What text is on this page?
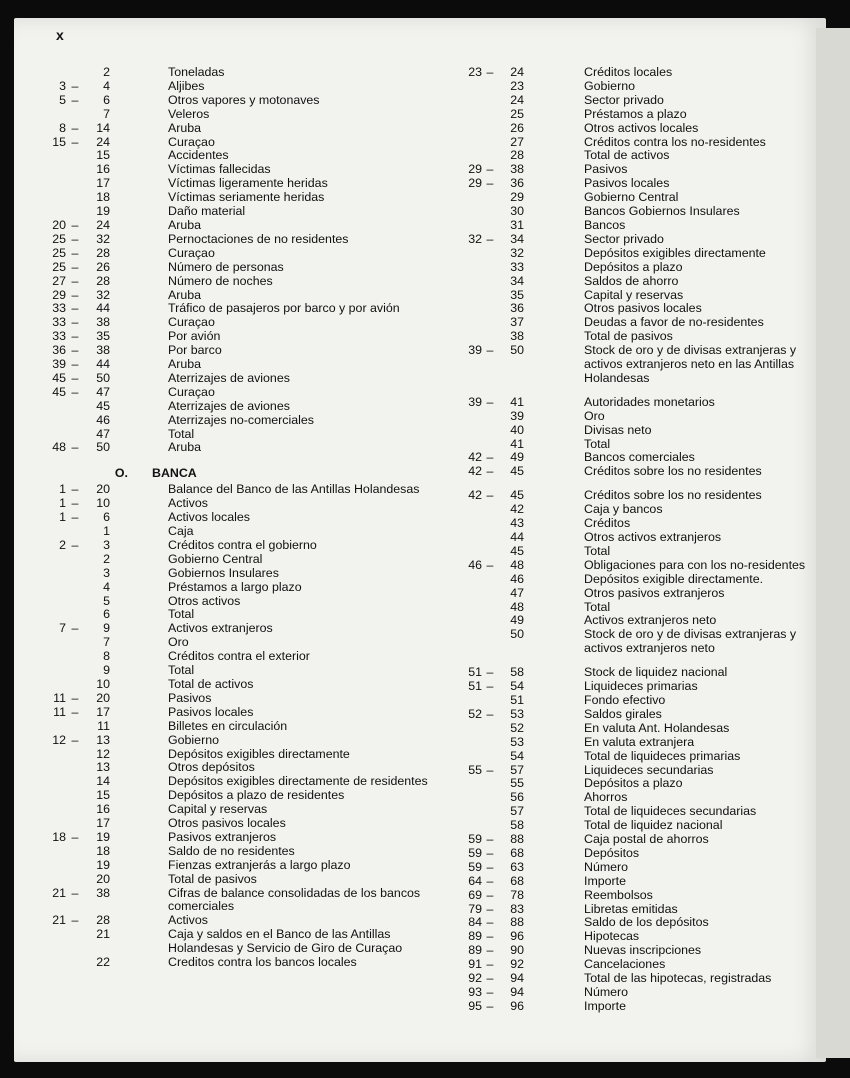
x
2	Toneladas
3 –	4	Aljibes
5 –	6	Otros vapores y motonaves
7	Veleros
8 –	14	Aruba
15 –	24	Curaçao
15	Accidentes
16	Víctimas fallecidas
17	Víctimas ligeramente heridas
18	Víctimas seriamente heridas
19	Daño material
20 –	24	Aruba
25 –	32	Pernoctaciones de no residentes
25 –	28	Curaçao
25 –	26	Número de personas
27 –	28	Número de noches
29 –	32	Aruba
33 –	44	Tráfico de pasajeros por barco y por avión
33 –	38	Curaçao
33 –	35	Por avión
36 –	38	Por barco
39 –	44	Aruba
45 –	50	Aterrizajes de aviones
45 –	47	Curaçao
45	Aterrizajes de aviones
46	Aterrizajes no-comerciales
47	Total
48 –	50	Aruba
O.	BANCA
1 –	20	Balance del Banco de las Antillas Holandesas
1 –	10	Activos
1 –	6	Activos locales
1	Caja
2 –	3	Créditos contra el gobierno
2	Gobierno Central
3	Gobiernos Insulares
4	Préstamos a largo plazo
5	Otros activos
6	Total
7 –	9	Activos extranjeros
7	Oro
8	Créditos contra el exterior
9	Total
10	Total de activos
11 –	20	Pasivos
11 –	17	Pasivos locales
11	Billetes en circulación
12 –	13	Gobierno
12	Depósitos exigibles directamente
13	Otros depósitos
14	Depósitos exigibles directamente de residentes
15	Depósitos a plazo de residentes
16	Capital y reservas
17	Otros pasivos locales
18 –	19	Pasivos extranjeros
18	Saldo de no residentes
19	Fienzas extranjerás a largo plazo
20	Total de pasivos
21 –	38	Cifras de balance consolidadas de los bancos comerciales
21 –	28	Activos
21	Caja y saldos en el Banco de las Antillas Holandesas y Servicio de Giro de Curaçao
22	Creditos contra los bancos locales
23 –	24	Créditos locales
23	Gobierno
24	Sector privado
25	Préstamos a plazo
26	Otros activos locales
27	Créditos contra los no-residentes
28	Total de activos
29 –	38	Pasivos
29 –	36	Pasivos locales
29	Gobierno Central
30	Bancos Gobiernos Insulares
31	Bancos
32 –	34	Sector privado
32	Depósitos exigibles directamente
33	Depósitos a plazo
34	Saldos de ahorro
35	Capital y reservas
36	Otros pasivos locales
37	Deudas a favor de no-residentes
38	Total de pasivos
39 –	50	Stock de oro y de divisas extranjeras y activos extranjeros neto en las Antillas Holandesas
39 –	41	Autoridades monetarios
39	Oro
40	Divisas neto
41	Total
42 –	49	Bancos comerciales
42 –	45	Créditos sobre los no residentes
42 –	45	Créditos sobre los no residentes
42	Caja y bancos
43	Créditos
44	Otros activos extranjeros
45	Total
46 –	48	Obligaciones para con los no-residentes
46	Depósitos exigible directamente.
47	Otros pasivos extranjeros
48	Total
49	Activos extranjeros neto
50	Stock de oro y de divisas extranjeras y activos extranjeros neto
51 –	58	Stock de liquidez nacional
51 –	54	Liquideces primarias
51	Fondo efectivo
52 –	53	Saldos girales
52	En valuta Ant. Holandesas
53	En valuta extranjera
54	Total de liquideces primarias
55 –	57	Liquideces secundarias
55	Depósitos a plazo
56	Ahorros
57	Total de liquideces secundarias
58	Total de liquidez nacional
59 –	88	Caja postal de ahorros
59 –	68	Depósitos
59 –	63	Número
64 –	68	Importe
69 –	78	Reembolsos
79 –	83	Libretas emitidas
84 –	88	Saldo de los depósitos
89 –	96	Hipotecas
89 –	90	Nuevas inscripciones
91 –	92	Cancelaciones
92 –	94	Total de las hipotecas, registradas
93 –	94	Número
95 –	96	Importe
